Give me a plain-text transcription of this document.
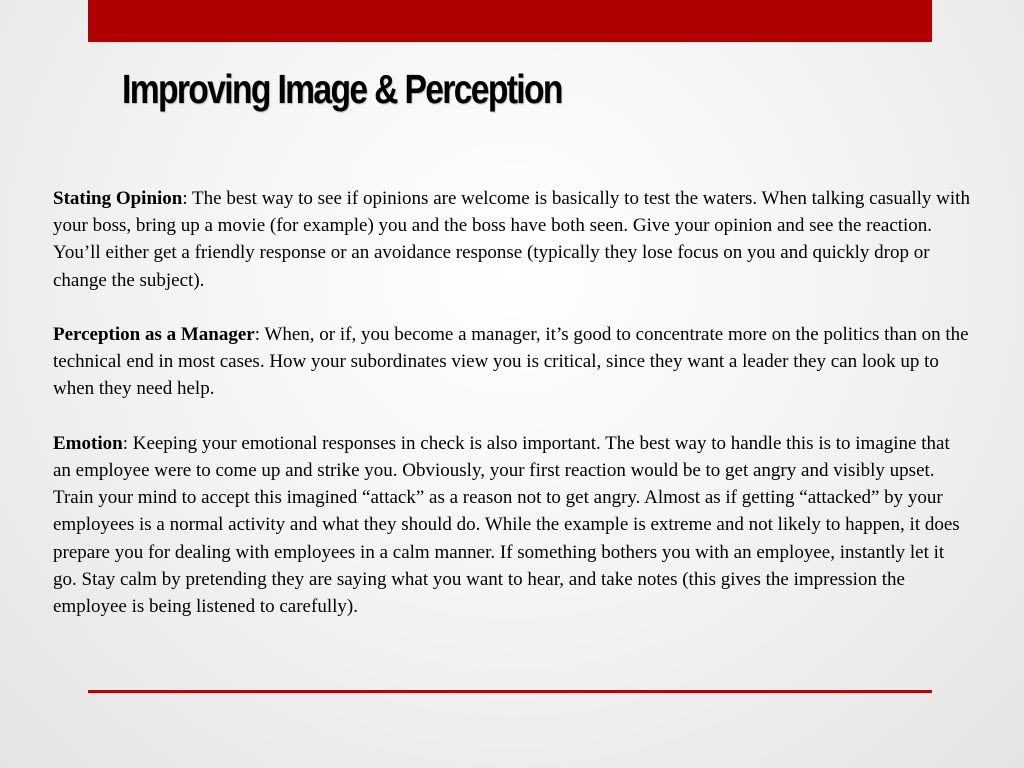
Improving Image & Perception

Stating Opinion: The best way to see if opinions are welcome is basically to test the waters. When talking casually with your boss, bring up a movie (for example) you and the boss have both seen. Give your opinion and see the reaction. You’ll either get a friendly response or an avoidance response (typically they lose focus on you and quickly drop or change the subject).

Perception as a Manager: When, or if, you become a manager, it’s good to concentrate more on the politics than on the technical end in most cases. How your subordinates view you is critical, since they want a leader they can look up to when they need help.

Emotion: Keeping your emotional responses in check is also important. The best way to handle this is to imagine that an employee were to come up and strike you. Obviously, your first reaction would be to get angry and visibly upset. Train your mind to accept this imagined “attack” as a reason not to get angry. Almost as if getting “attacked” by your employees is a normal activity and what they should do. While the example is extreme and not likely to happen, it does prepare you for dealing with employees in a calm manner. If something bothers you with an employee, instantly let it go. Stay calm by pretending they are saying what you want to hear, and take notes (this gives the impression the employee is being listened to carefully).
